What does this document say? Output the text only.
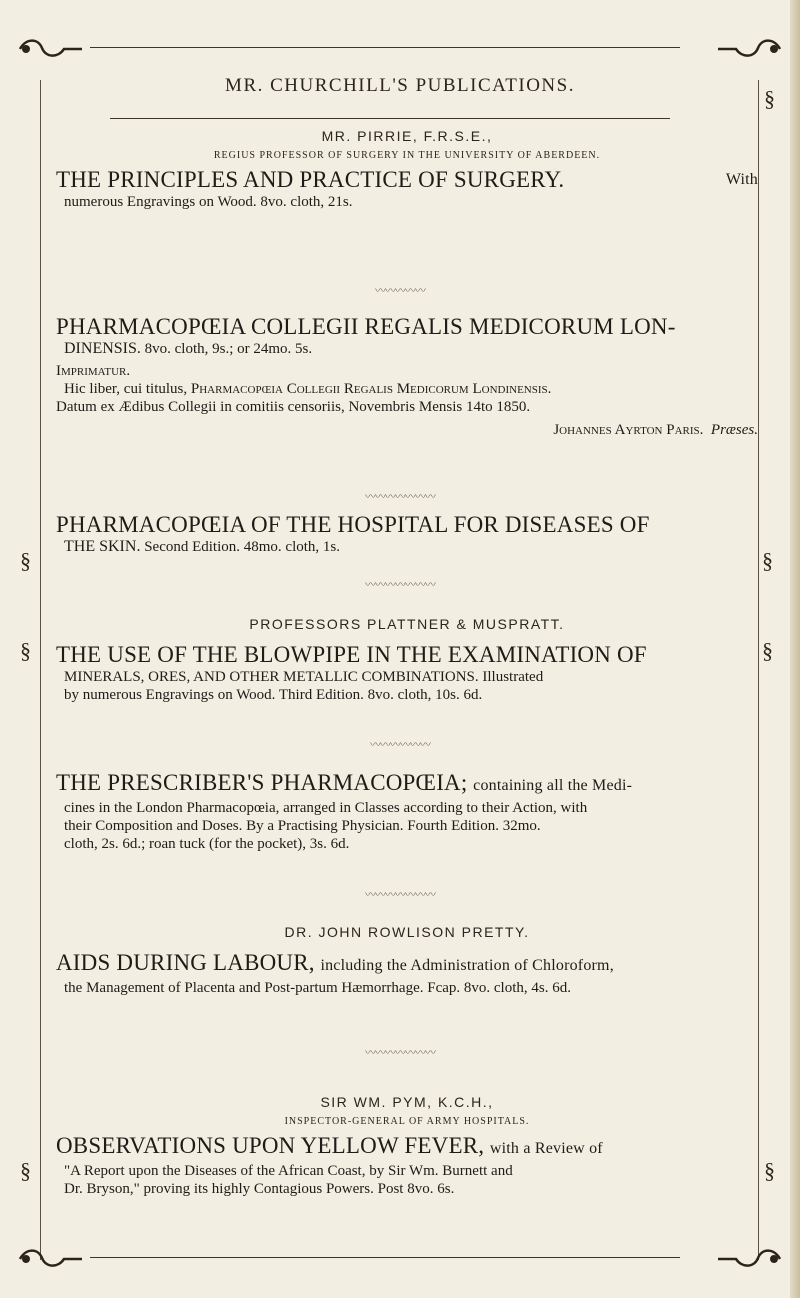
§
§
§
§
§	§
§
MR. CHURCHILL'S PUBLICATIONS.
MR. PIRRIE, F.R.S.E.,
REGIUS PROFESSOR OF SURGERY IN THE UNIVERSITY OF ABERDEEN.
THE PRINCIPLES AND PRACTICE OF SURGERY.	With

numerous Engravings on Wood. 8vo. cloth, 21s.

〰〰〰〰〰
PHARMACOPŒIA COLLEGII REGALIS MEDICORUM LON-

DINENSIS. 8vo. cloth, 9s.; or 24mo. 5s.

Imprimatur.

Hic liber, cui titulus, Pharmacopœia Collegii Regalis Medicorum Londinensis.

Datum ex Ædibus Collegii in comitiis censoriis, Novembris Mensis 14to 1850.

Johannes Ayrton Paris. Præses.
〰〰〰〰〰〰〰
PHARMACOPŒIA OF THE HOSPITAL FOR DISEASES OF

THE SKIN. Second Edition. 48mo. cloth, 1s.

〰〰〰〰〰〰〰
PROFESSORS PLATTNER & MUSPRATT.
THE USE OF THE BLOWPIPE IN THE EXAMINATION OF

MINERALS, ORES, AND OTHER METALLIC COMBINATIONS. Illustrated

by numerous Engravings on Wood. Third Edition. 8vo. cloth, 10s. 6d.

〰〰〰〰〰〰
THE PRESCRIBER'S PHARMACOPŒIA; containing all the Medi-

cines in the London Pharmacopœia, arranged in Classes according to their Action, with

their Composition and Doses. By a Practising Physician. Fourth Edition. 32mo.

cloth, 2s. 6d.; roan tuck (for the pocket), 3s. 6d.

〰〰〰〰〰〰〰
DR. JOHN ROWLISON PRETTY.
AIDS DURING LABOUR, including the Administration of Chloroform,

the Management of Placenta and Post-partum Hæmorrhage. Fcap. 8vo. cloth, 4s. 6d.

〰〰〰〰〰〰〰
SIR WM. PYM, K.C.H.,
INSPECTOR-GENERAL OF ARMY HOSPITALS.
OBSERVATIONS UPON YELLOW FEVER, with a Review of

"A Report upon the Diseases of the African Coast, by Sir Wm. Burnett and

Dr. Bryson," proving its highly Contagious Powers. Post 8vo. 6s.
